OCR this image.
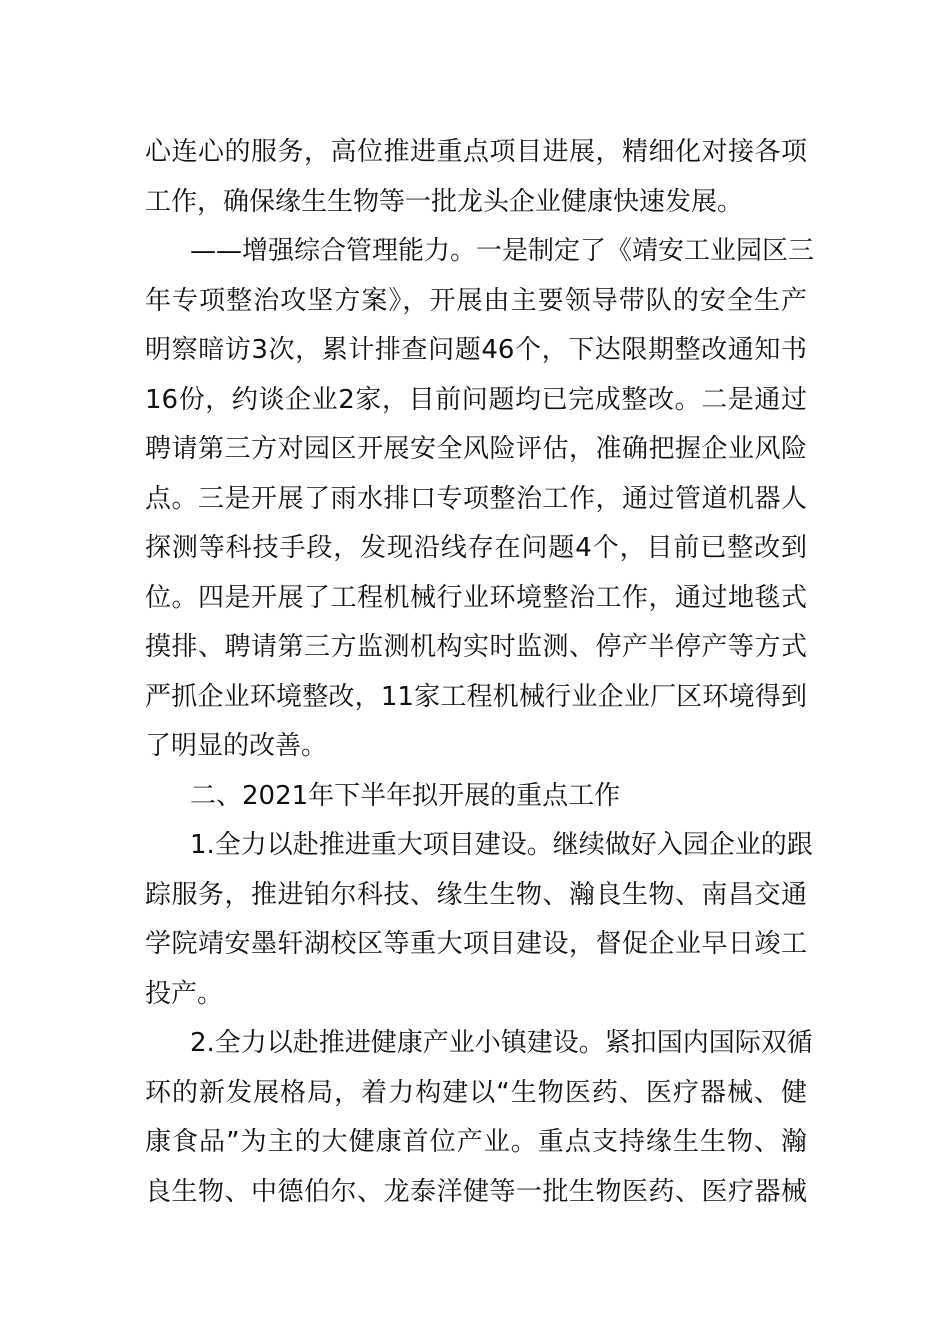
心连心的服务，高位推进重点项目进展，精细化对接各项
工作，确保缘生生物等一批龙头企业健康快速发展。
——增强综合管理能力。一是制定了《靖安工业园区三
年专项整治攻坚方案》，开展由主要领导带队的安全生产
明察暗访3次，累计排查问题46个，下达限期整改通知书
16份，约谈企业2家，目前问题均已完成整改。二是通过
聘请第三方对园区开展安全风险评估，准确把握企业风险
点。三是开展了雨水排口专项整治工作，通过管道机器人
探测等科技手段，发现沿线存在问题4个，目前已整改到
位。四是开展了工程机械行业环境整治工作，通过地毯式
摸排、聘请第三方监测机构实时监测、停产半停产等方式
严抓企业环境整改，11家工程机械行业企业厂区环境得到
了明显的改善。
二、2021年下半年拟开展的重点工作
1.全力以赴推进重大项目建设。继续做好入园企业的跟
踪服务，推进铂尔科技、缘生生物、瀚良生物、南昌交通
学院靖安墨轩湖校区等重大项目建设，督促企业早日竣工
投产。
2.全力以赴推进健康产业小镇建设。紧扣国内国际双循
环的新发展格局，着力构建以“生物医药、医疗器械、健
康食品”为主的大健康首位产业。重点支持缘生生物、瀚
良生物、中德伯尔、龙泰洋健等一批生物医药、医疗器械
